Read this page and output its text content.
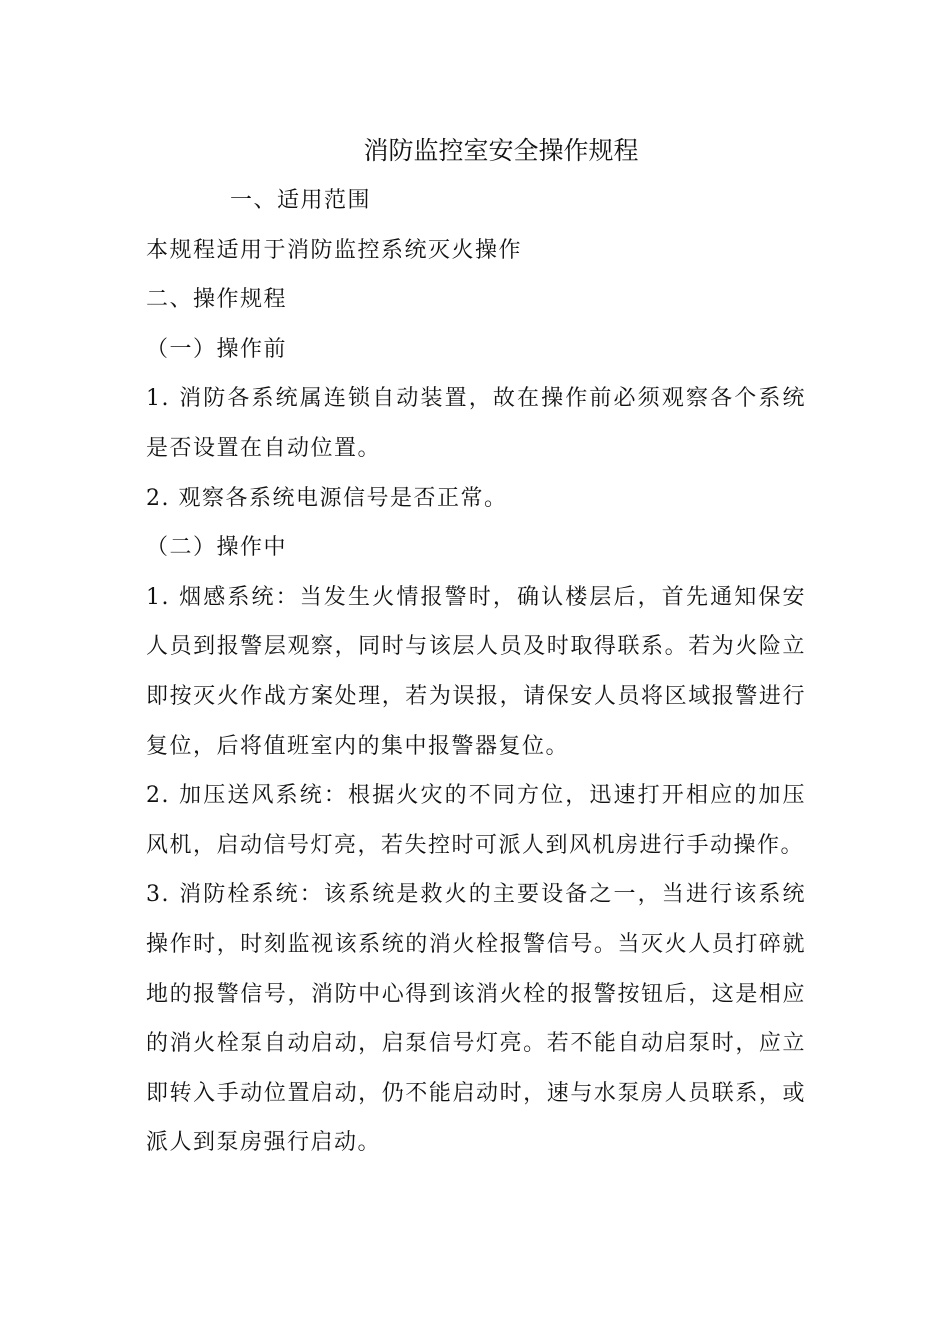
消防监控室安全操作规程

一、适用范围

本规程适用于消防监控系统灭火操作

二、操作规程

（一）操作前

1. 消防各系统属连锁自动装置，故在操作前必须观察各个系统是否设置在自动位置。

2. 观察各系统电源信号是否正常。

（二）操作中

1. 烟感系统：当发生火情报警时，确认楼层后，首先通知保安人员到报警层观察，同时与该层人员及时取得联系。若为火险立即按灭火作战方案处理，若为误报，请保安人员将区域报警进行复位，后将值班室内的集中报警器复位。

2. 加压送风系统：根据火灾的不同方位，迅速打开相应的加压风机，启动信号灯亮，若失控时可派人到风机房进行手动操作。

3. 消防栓系统：该系统是救火的主要设备之一，当进行该系统操作时，时刻监视该系统的消火栓报警信号。当灭火人员打碎就地的报警信号，消防中心得到该消火栓的报警按钮后，这是相应的消火栓泵自动启动，启泵信号灯亮。若不能自动启泵时，应立即转入手动位置启动，仍不能启动时，速与水泵房人员联系，或派人到泵房强行启动。
